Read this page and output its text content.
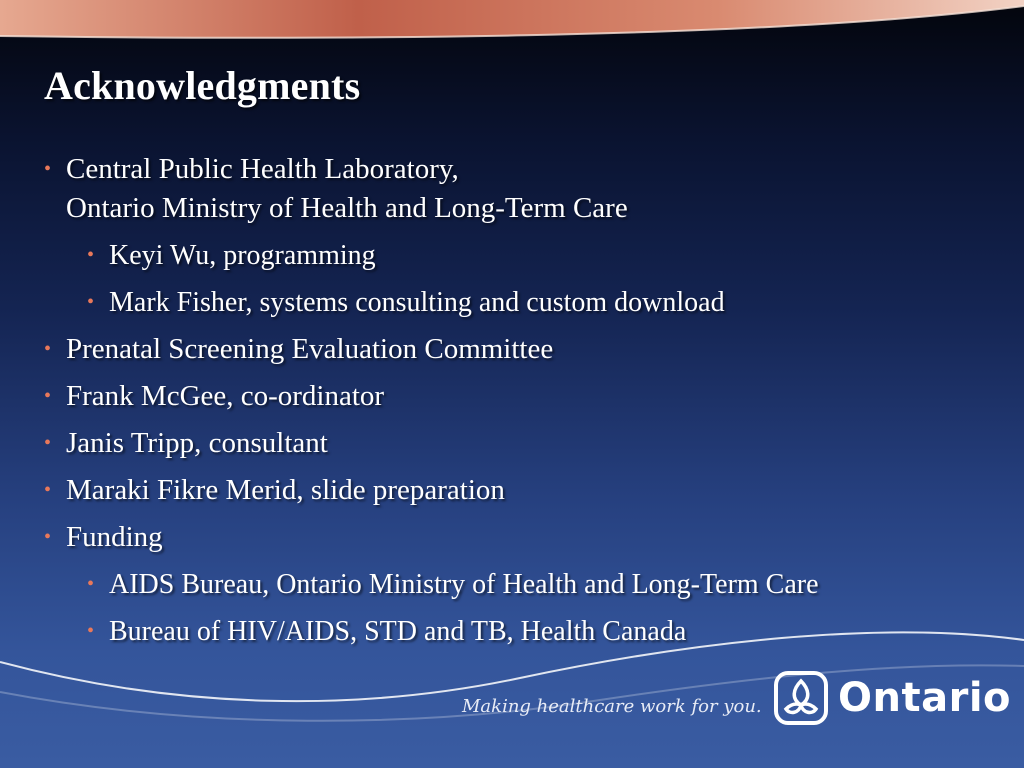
Acknowledgments
• Central Public Health Laboratory,
Ontario Ministry of Health and Long-Term Care
• Keyi Wu, programming
• Mark Fisher, systems consulting and custom download
• Prenatal Screening Evaluation Committee
• Frank McGee, co-ordinator
• Janis Tripp, consultant
• Maraki Fikre Merid, slide preparation
• Funding
• AIDS Bureau, Ontario Ministry of Health and Long-Term Care
• Bureau of HIV/AIDS, STD and TB, Health Canada
Making healthcare work for you. Ontario
